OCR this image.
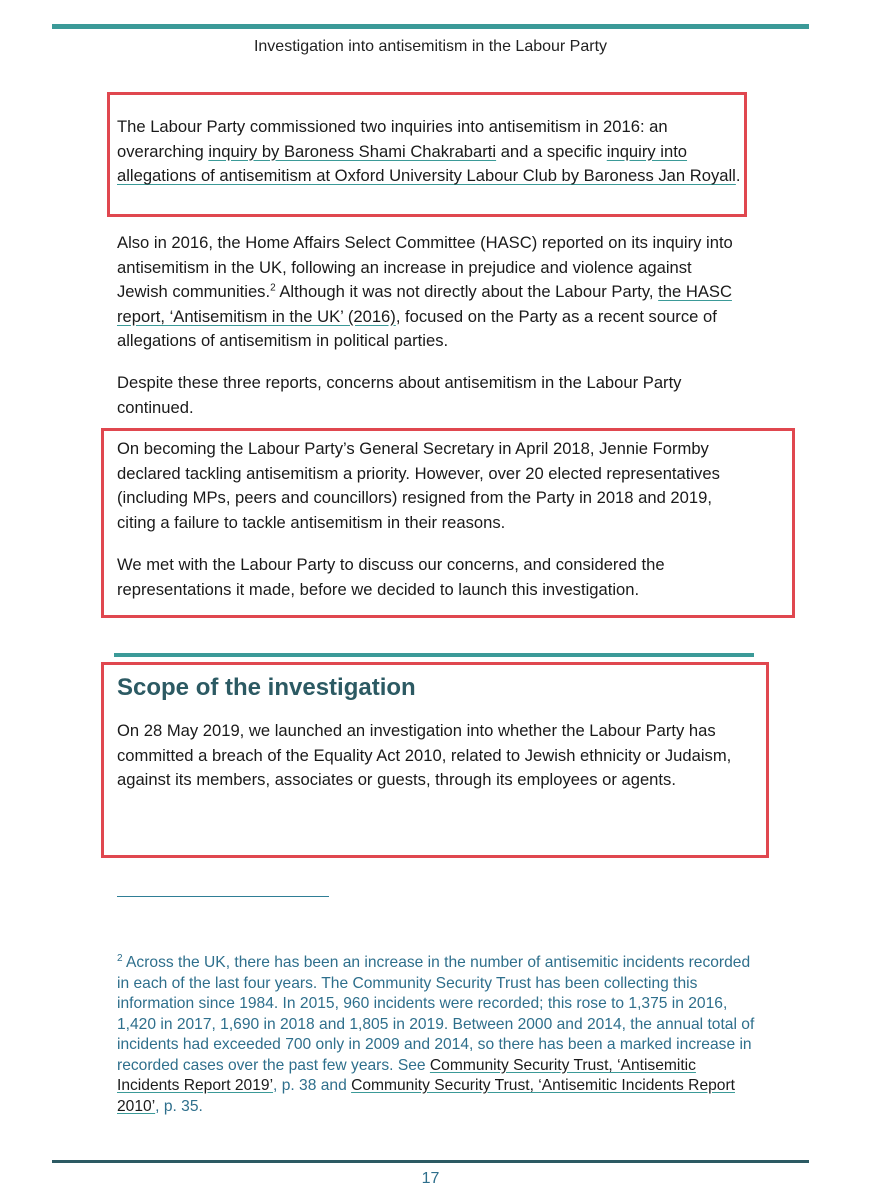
Investigation into antisemitism in the Labour Party

The Labour Party commissioned two inquiries into antisemitism in 2016: an overarching inquiry by Baroness Shami Chakrabarti and a specific inquiry into allegations of antisemitism at Oxford University Labour Club by Baroness Jan Royall.

Also in 2016, the Home Affairs Select Committee (HASC) reported on its inquiry into antisemitism in the UK, following an increase in prejudice and violence against Jewish communities.$^2$ Although it was not directly about the Labour Party, the HASC report, ‘Antisemitism in the UK’ (2016), focused on the Party as a recent source of allegations of antisemitism in political parties.

Despite these three reports, concerns about antisemitism in the Labour Party continued.

On becoming the Labour Party’s General Secretary in April 2018, Jennie Formby declared tackling antisemitism a priority. However, over 20 elected representatives (including MPs, peers and councillors) resigned from the Party in 2018 and 2019, citing a failure to tackle antisemitism in their reasons.

We met with the Labour Party to discuss our concerns, and considered the representations it made, before we decided to launch this investigation.

Scope of the investigation

On 28 May 2019, we launched an investigation into whether the Labour Party has committed a breach of the Equality Act 2010, related to Jewish ethnicity or Judaism, against its members, associates or guests, through its employees or agents.

$^2$ Across the UK, there has been an increase in the number of antisemitic incidents recorded in each of the last four years. The Community Security Trust has been collecting this information since 1984. In 2015, 960 incidents were recorded; this rose to 1,375 in 2016, 1,420 in 2017, 1,690 in 2018 and 1,805 in 2019. Between 2000 and 2014, the annual total of incidents had exceeded 700 only in 2009 and 2014, so there has been a marked increase in recorded cases over the past few years. See Community Security Trust, ‘Antisemitic Incidents Report 2019’, p. 38 and Community Security Trust, ‘Antisemitic Incidents Report 2010’, p. 35.

17
